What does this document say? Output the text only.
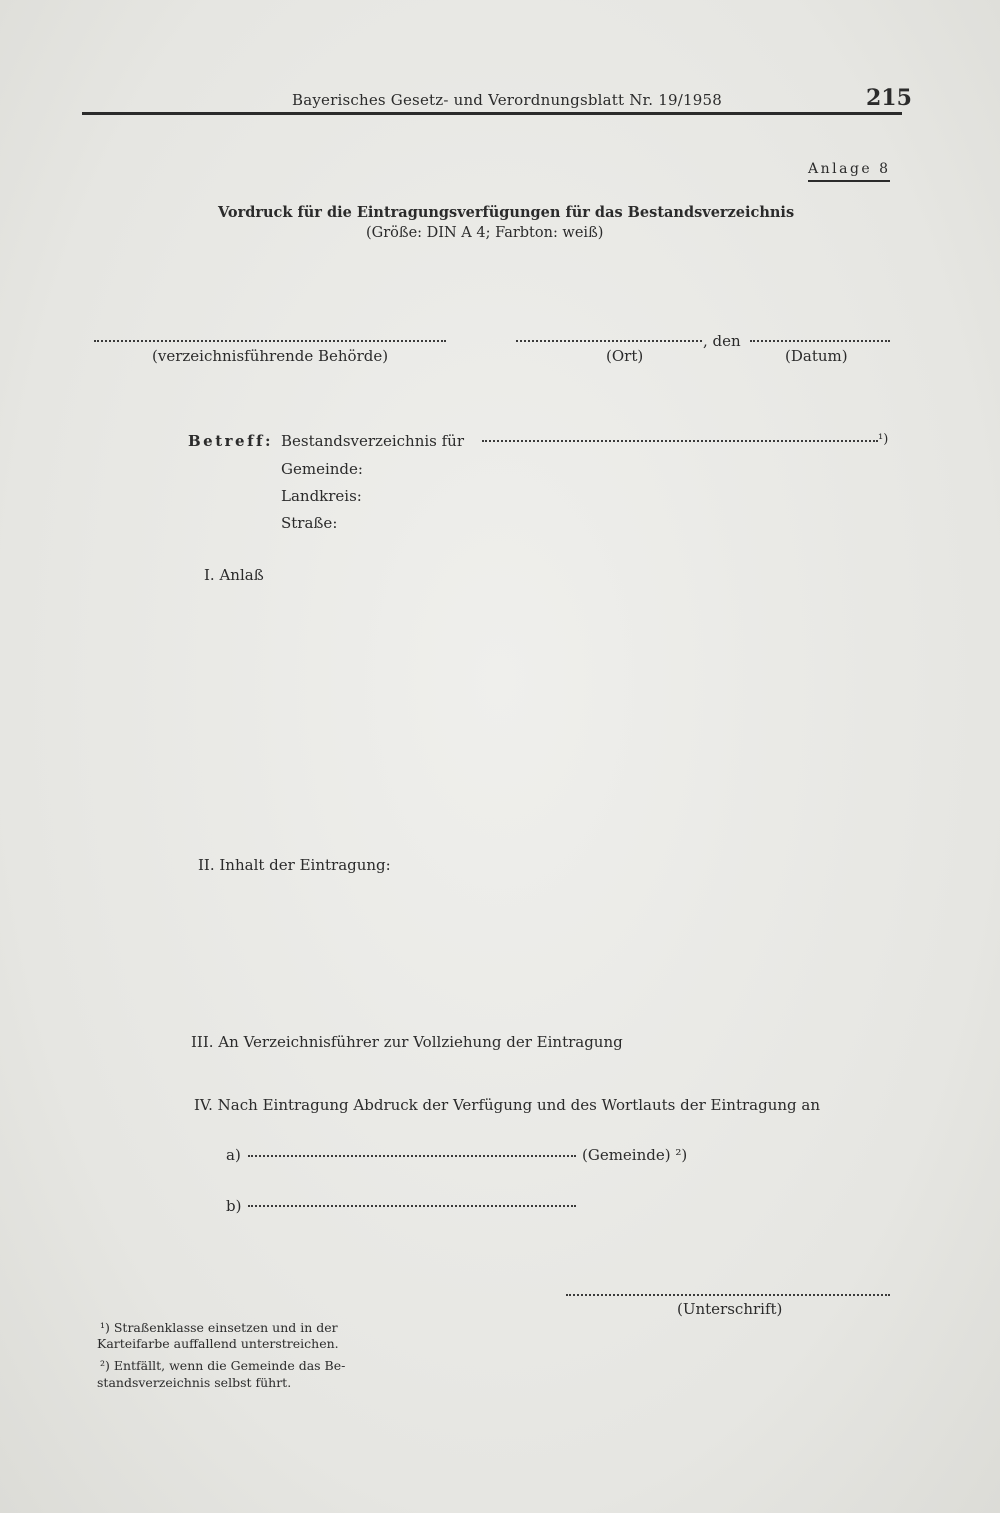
Bayerisches Gesetz- und Verordnungsblatt Nr. 19/1958	215
Anlage 8
Vordruck für die Eintragungsverfügungen für das Bestandsverzeichnis
(Größe: DIN A 4; Farbton: weiß)
(verzeichnisführende Behörde)
, den
(Ort)	(Datum)
Betreff: Bestandsverzeichnis für	¹)
Gemeinde:
Landkreis:
Straße:
I. Anlaß
II. Inhalt der Eintragung:
III. An Verzeichnisführer zur Vollziehung der Eintragung
IV. Nach Eintragung Abdruck der Verfügung und des Wortlauts der Eintragung an
a)	(Gemeinde) ²)
b)
(Unterschrift)
¹) Straßenklasse einsetzen und in der
Karteifarbe auffallend unterstreichen.
²) Entfällt, wenn die Gemeinde das Be-
standsverzeichnis selbst führt.
